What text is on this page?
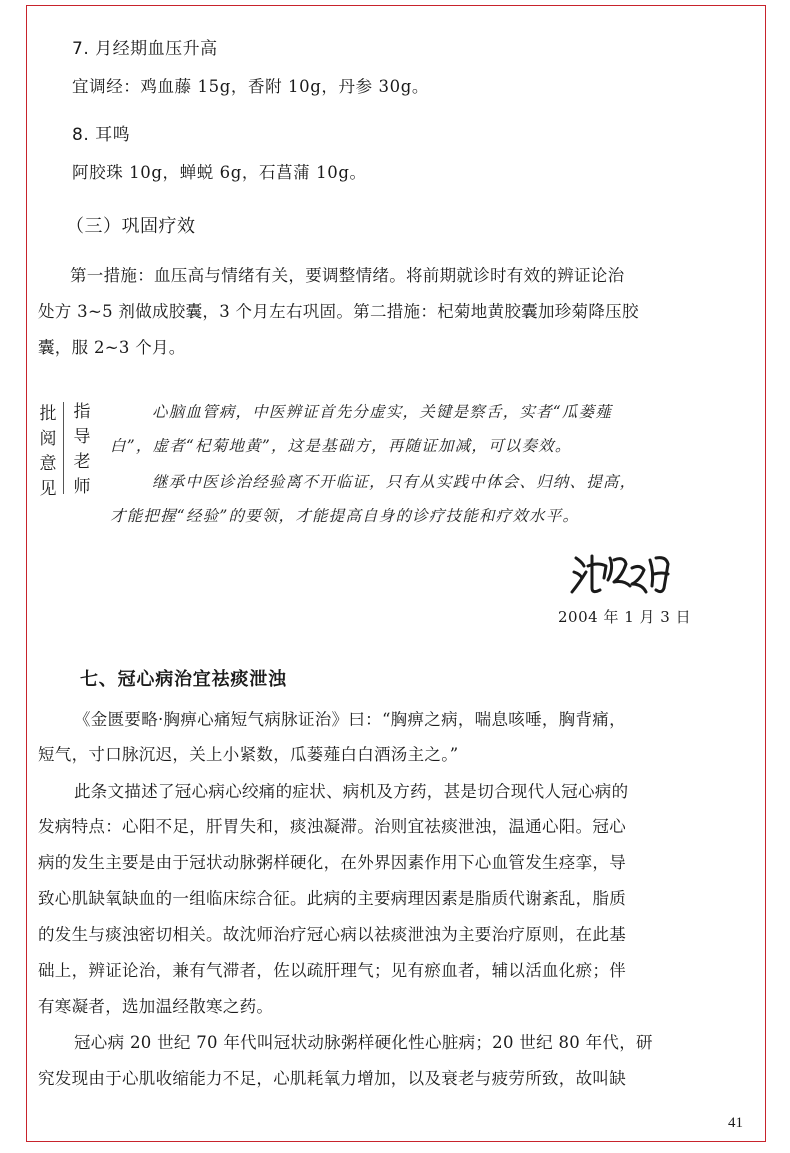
7. 月经期血压升高
宜调经：鸡血藤 15g，香附 10g，丹参 30g。
8. 耳鸣
阿胶珠 10g，蝉蜕 6g，石菖蒲 10g。
（三）巩固疗效
第一措施：血压高与情绪有关，要调整情绪。将前期就诊时有效的辨证论治
处方 3~5 剂做成胶囊，3 个月左右巩固。第二措施：杞菊地黄胶囊加珍菊降压胶
囊，服 2~3 个月。
批阅意见
指导老师
心脑血管病，中医辨证首先分虚实，关键是察舌，实者“瓜蒌薤
白”，虚者“杞菊地黄”，这是基础方，再随证加减，可以奏效。
继承中医诊治经验离不开临证，只有从实践中体会、归纳、提高，
才能把握“经验”的要领，才能提高自身的诊疗技能和疗效水平。
2004 年 1 月 3 日
七、冠心病治宜祛痰泄浊
《金匮要略·胸痹心痛短气病脉证治》曰：“胸痹之病，喘息咳唾，胸背痛，
短气，寸口脉沉迟，关上小紧数，瓜蒌薤白白酒汤主之。”
此条文描述了冠心病心绞痛的症状、病机及方药，甚是切合现代人冠心病的
发病特点：心阳不足，肝胃失和，痰浊凝滞。治则宜祛痰泄浊，温通心阳。冠心
病的发生主要是由于冠状动脉粥样硬化，在外界因素作用下心血管发生痉挛，导
致心肌缺氧缺血的一组临床综合征。此病的主要病理因素是脂质代谢紊乱，脂质
的发生与痰浊密切相关。故沈师治疗冠心病以祛痰泄浊为主要治疗原则，在此基
础上，辨证论治，兼有气滞者，佐以疏肝理气；见有瘀血者，辅以活血化瘀；伴
有寒凝者，选加温经散寒之药。
冠心病 20 世纪 70 年代叫冠状动脉粥样硬化性心脏病；20 世纪 80 年代，研
究发现由于心肌收缩能力不足，心肌耗氧力增加，以及衰老与疲劳所致，故叫缺
41
